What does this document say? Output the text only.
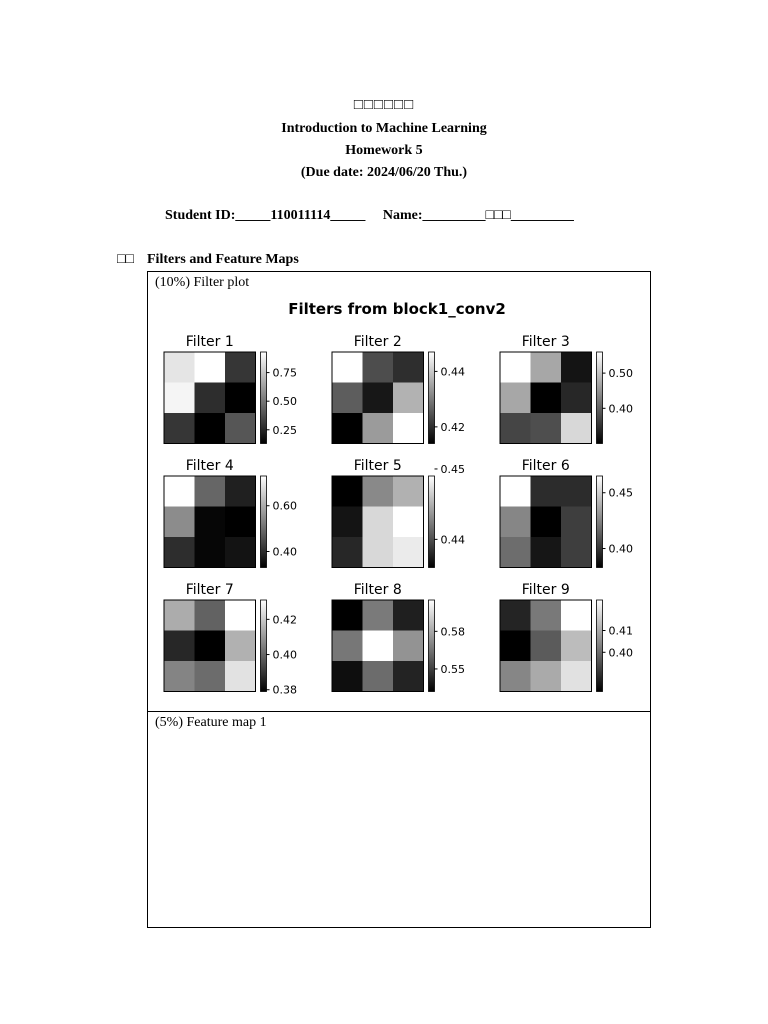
□□□□□□
Introduction to Machine Learning
Homework 5
(Due date: 2024/06/20 Thu.)
Student ID:_____110011114_____ Name:_________□□□_________
□□ Filters and Feature Maps
(10%) Filter plot
Filters from block1_conv2
Filter 1
0.75
0.50
0.25
Filter 2
0.44
0.42
Filter 3
0.50
0.40
Filter 4
0.60
0.40
Filter 5	0.45
0.44
Filter 6
0.45
0.40
Filter 7
0.42
0.40
0.38
Filter 8
0.58
0.55
Filter 9
0.41
0.40
(5%) Feature map 1
